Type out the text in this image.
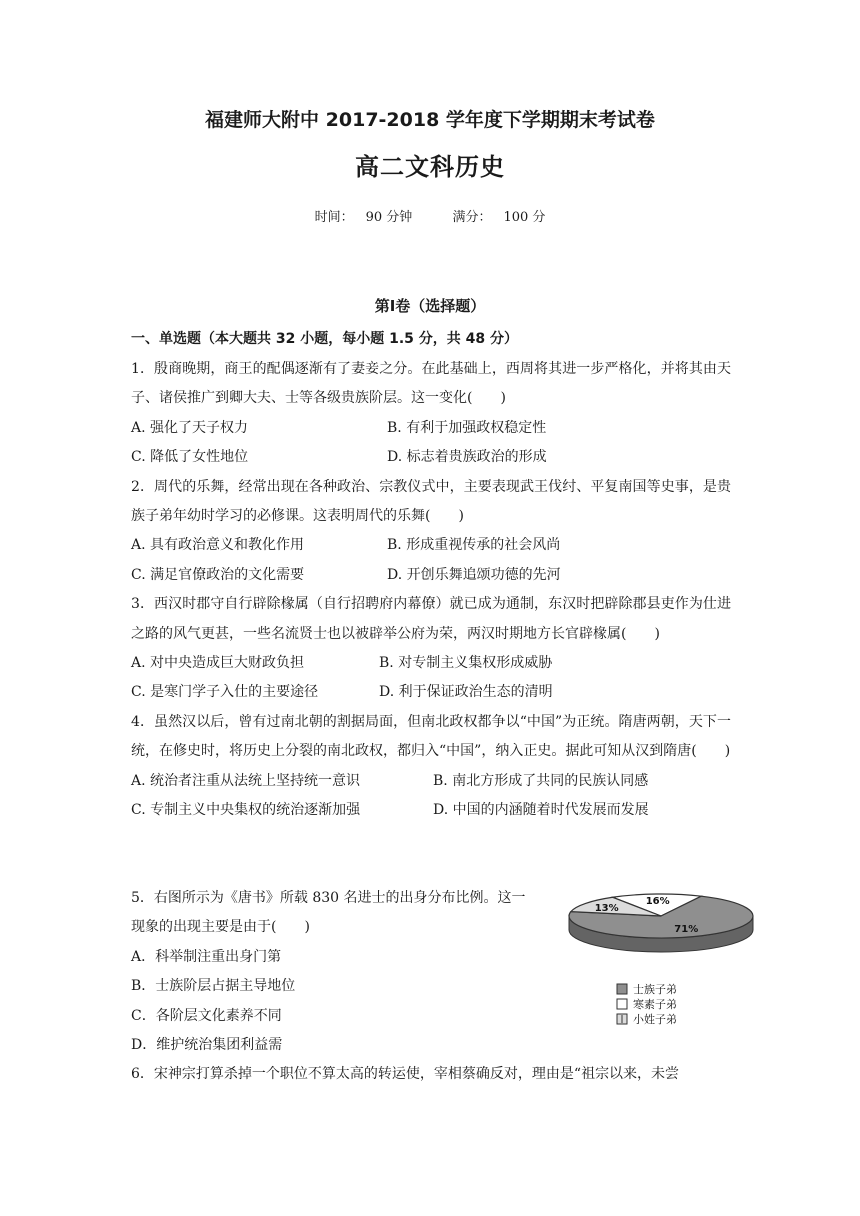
福建师大附中 2017-2018 学年度下学期期末考试卷
高二文科历史
时间： 90 分钟	满分： 100 分
第Ⅰ卷（选择题）
一、单选题（本大题共 32 小题，每小题 1.5 分，共 48 分）

1．殷商晚期，商王的配偶逐渐有了妻妾之分。在此基础上，西周将其进一步严格化，并将其由天子、诸侯推广到卿大夫、士等各级贵族阶层。这一变化(　　)

A. 强化了天子权力	B. 有利于加强政权稳定性
C. 降低了女性地位	D. 标志着贵族政治的形成

2．周代的乐舞，经常出现在各种政治、宗教仪式中，主要表现武王伐纣、平复南国等史事，是贵族子弟年幼时学习的必修课。这表明周代的乐舞(　　)

A. 具有政治意义和教化作用	B. 形成重视传承的社会风尚
C. 满足官僚政治的文化需要	D. 开创乐舞追颂功德的先河

3．西汉时郡守自行辟除椽属（自行招聘府内幕僚）就已成为通制，东汉时把辟除郡县吏作为仕进之路的风气更甚，一些名流贤士也以被辟举公府为荣，两汉时期地方长官辟椽属(　　)

A. 对中央造成巨大财政负担	B. 对专制主义集权形成威胁
C. 是寒门学子入仕的主要途径	D. 利于保证政治生态的清明

4．虽然汉以后，曾有过南北朝的割据局面，但南北政权都争以“中国”为正统。隋唐两朝，天下一统，在修史时，将历史上分裂的南北政权，都归入“中国”，纳入正史。据此可知从汉到隋唐(　　)

A. 统治者注重从法统上坚持统一意识	B. 南北方形成了共同的民族认同感
C. 专制主义中央集权的统治逐渐加强	D. 中国的内涵随着时代发展而发展

5．右图所示为《唐书》所载 830 名进士的出身分布比例。这一

现象的出现主要是由于(　　)

A．科举制注重出身门第

B．士族阶层占据主导地位

C．各阶层文化素养不同

D．维护统治集团利益需

16%
71%
13%
士族子弟
寒素子弟
小姓子弟

6．宋神宗打算杀掉一个职位不算太高的转运使，宰相蔡确反对，理由是“祖宗以来，未尝
